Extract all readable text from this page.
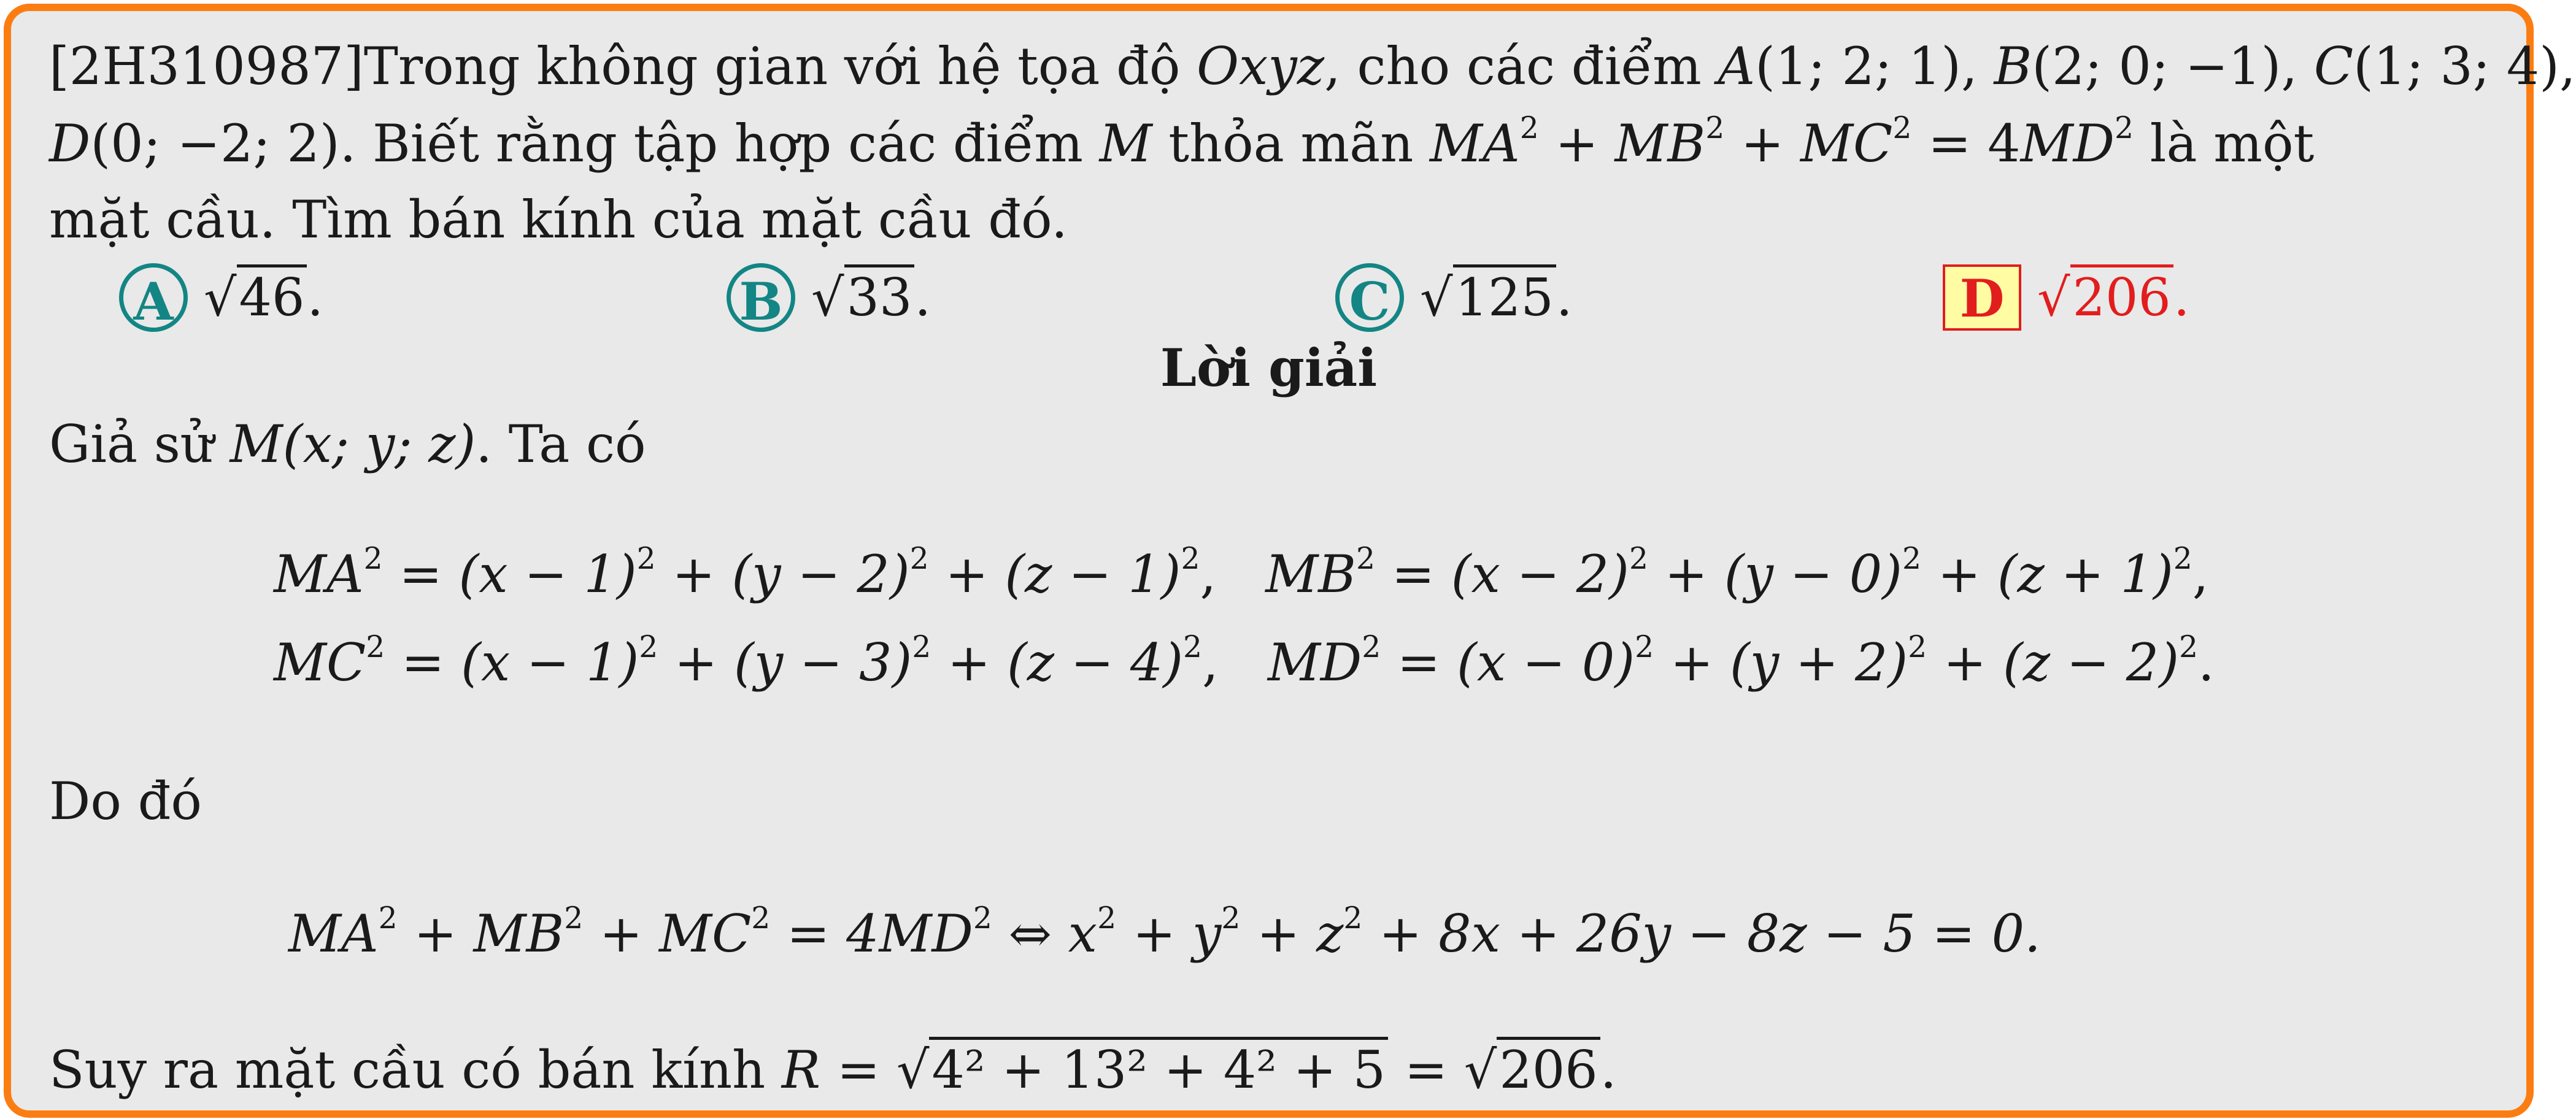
[2H310987]Trong không gian với hệ tọa độ Oxyz, cho các điểm A(1; 2; 1), B(2; 0; −1), C(1; 3; 4),
D(0; −2; 2). Biết rằng tập hợp các điểm M thỏa mãn $MA^2 + MB^2 + MC^2 = 4MD^2$ là một
mặt cầu. Tìm bán kính của mặt cầu đó.
A √46.	B √33.	C √125.	D √206.
Lời giải
Giả sử M(x; y; z). Ta có
$MA^2 = (x - 1)^2 + (y - 2)^2 + (z - 1)^2$,   $MB^2 = (x - 2)^2 + (y - 0)^2 + (z + 1)^2$,
$MC^2 = (x - 1)^2 + (y - 3)^2 + (z - 4)^2$,   $MD^2 = (x - 0)^2 + (y + 2)^2 + (z - 2)^2$.
Do đó
$MA^2 + MB^2 + MC^2 = 4MD^2$ ⇔ $x^2 + y^2 + z^2 + 8x + 26y - 8z - 5 = 0$.
Suy ra mặt cầu có bán kính R = √4² + 13² + 4² + 5 = √206.
